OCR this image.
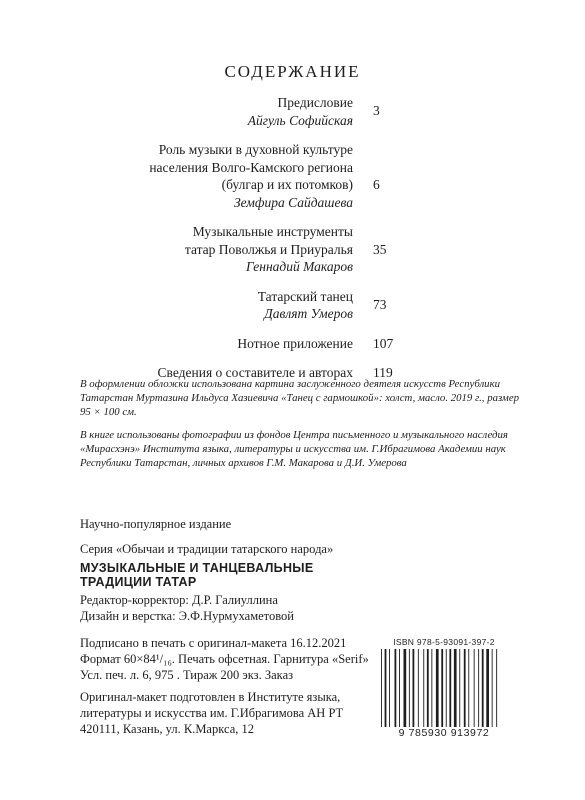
СОДЕРЖАНИЕ
Предисловие
Айгуль Софийская
3
Роль музыки в духовной культуре
населения Волго-Камского региона
(булгар и их потомков)
Земфира Сайдашева
6
Музыкальные инструменты
татар Поволжья и Приуралья
Геннадий Макаров
35
Татарский танец
Давлят Умеров
73
Нотное приложение 107
Сведения о составителе и авторах 119

В оформлении обложки использована картина заслуженного деятеля искусств Республики Татарстан Муртазина Ильдуса Хазиевича «Танец с гармошкой»: холст, масло. 2019 г., размер 95 × 100 см.

В книге использованы фотографии из фондов Центра письменного и музыкального наследия «Мирасхэнэ» Института языка, литературы и искусства им. Г.Ибрагимова Академии наук Республики Татарстан, личных архивов Г.М. Макарова и Д.И. Умерова

Научно-популярное издание
Серия «Обычаи и традиции татарского народа»
МУЗЫКАЛЬНЫЕ И ТАНЦЕВАЛЬНЫЕ
ТРАДИЦИИ ТАТАР
Редактор-корректор: Д.Р. Галиуллина
Дизайн и верстка: Э.Ф.Нурмухаметовой
Подписано в печать с оригинал-макета 16.12.2021
Формат 60×84¹/₁₆. Печать офсетная. Гарнитура «Serif»
Усл. печ. л. 6, 975 . Тираж 200 экз. Заказ
Оригинал-макет подготовлен в Институте языка,
литературы и искусства им. Г.Ибрагимова АН РТ
420111, Казань, ул. К.Маркса, 12
ISBN 978-5-93091-397-2
9 785930 913972
